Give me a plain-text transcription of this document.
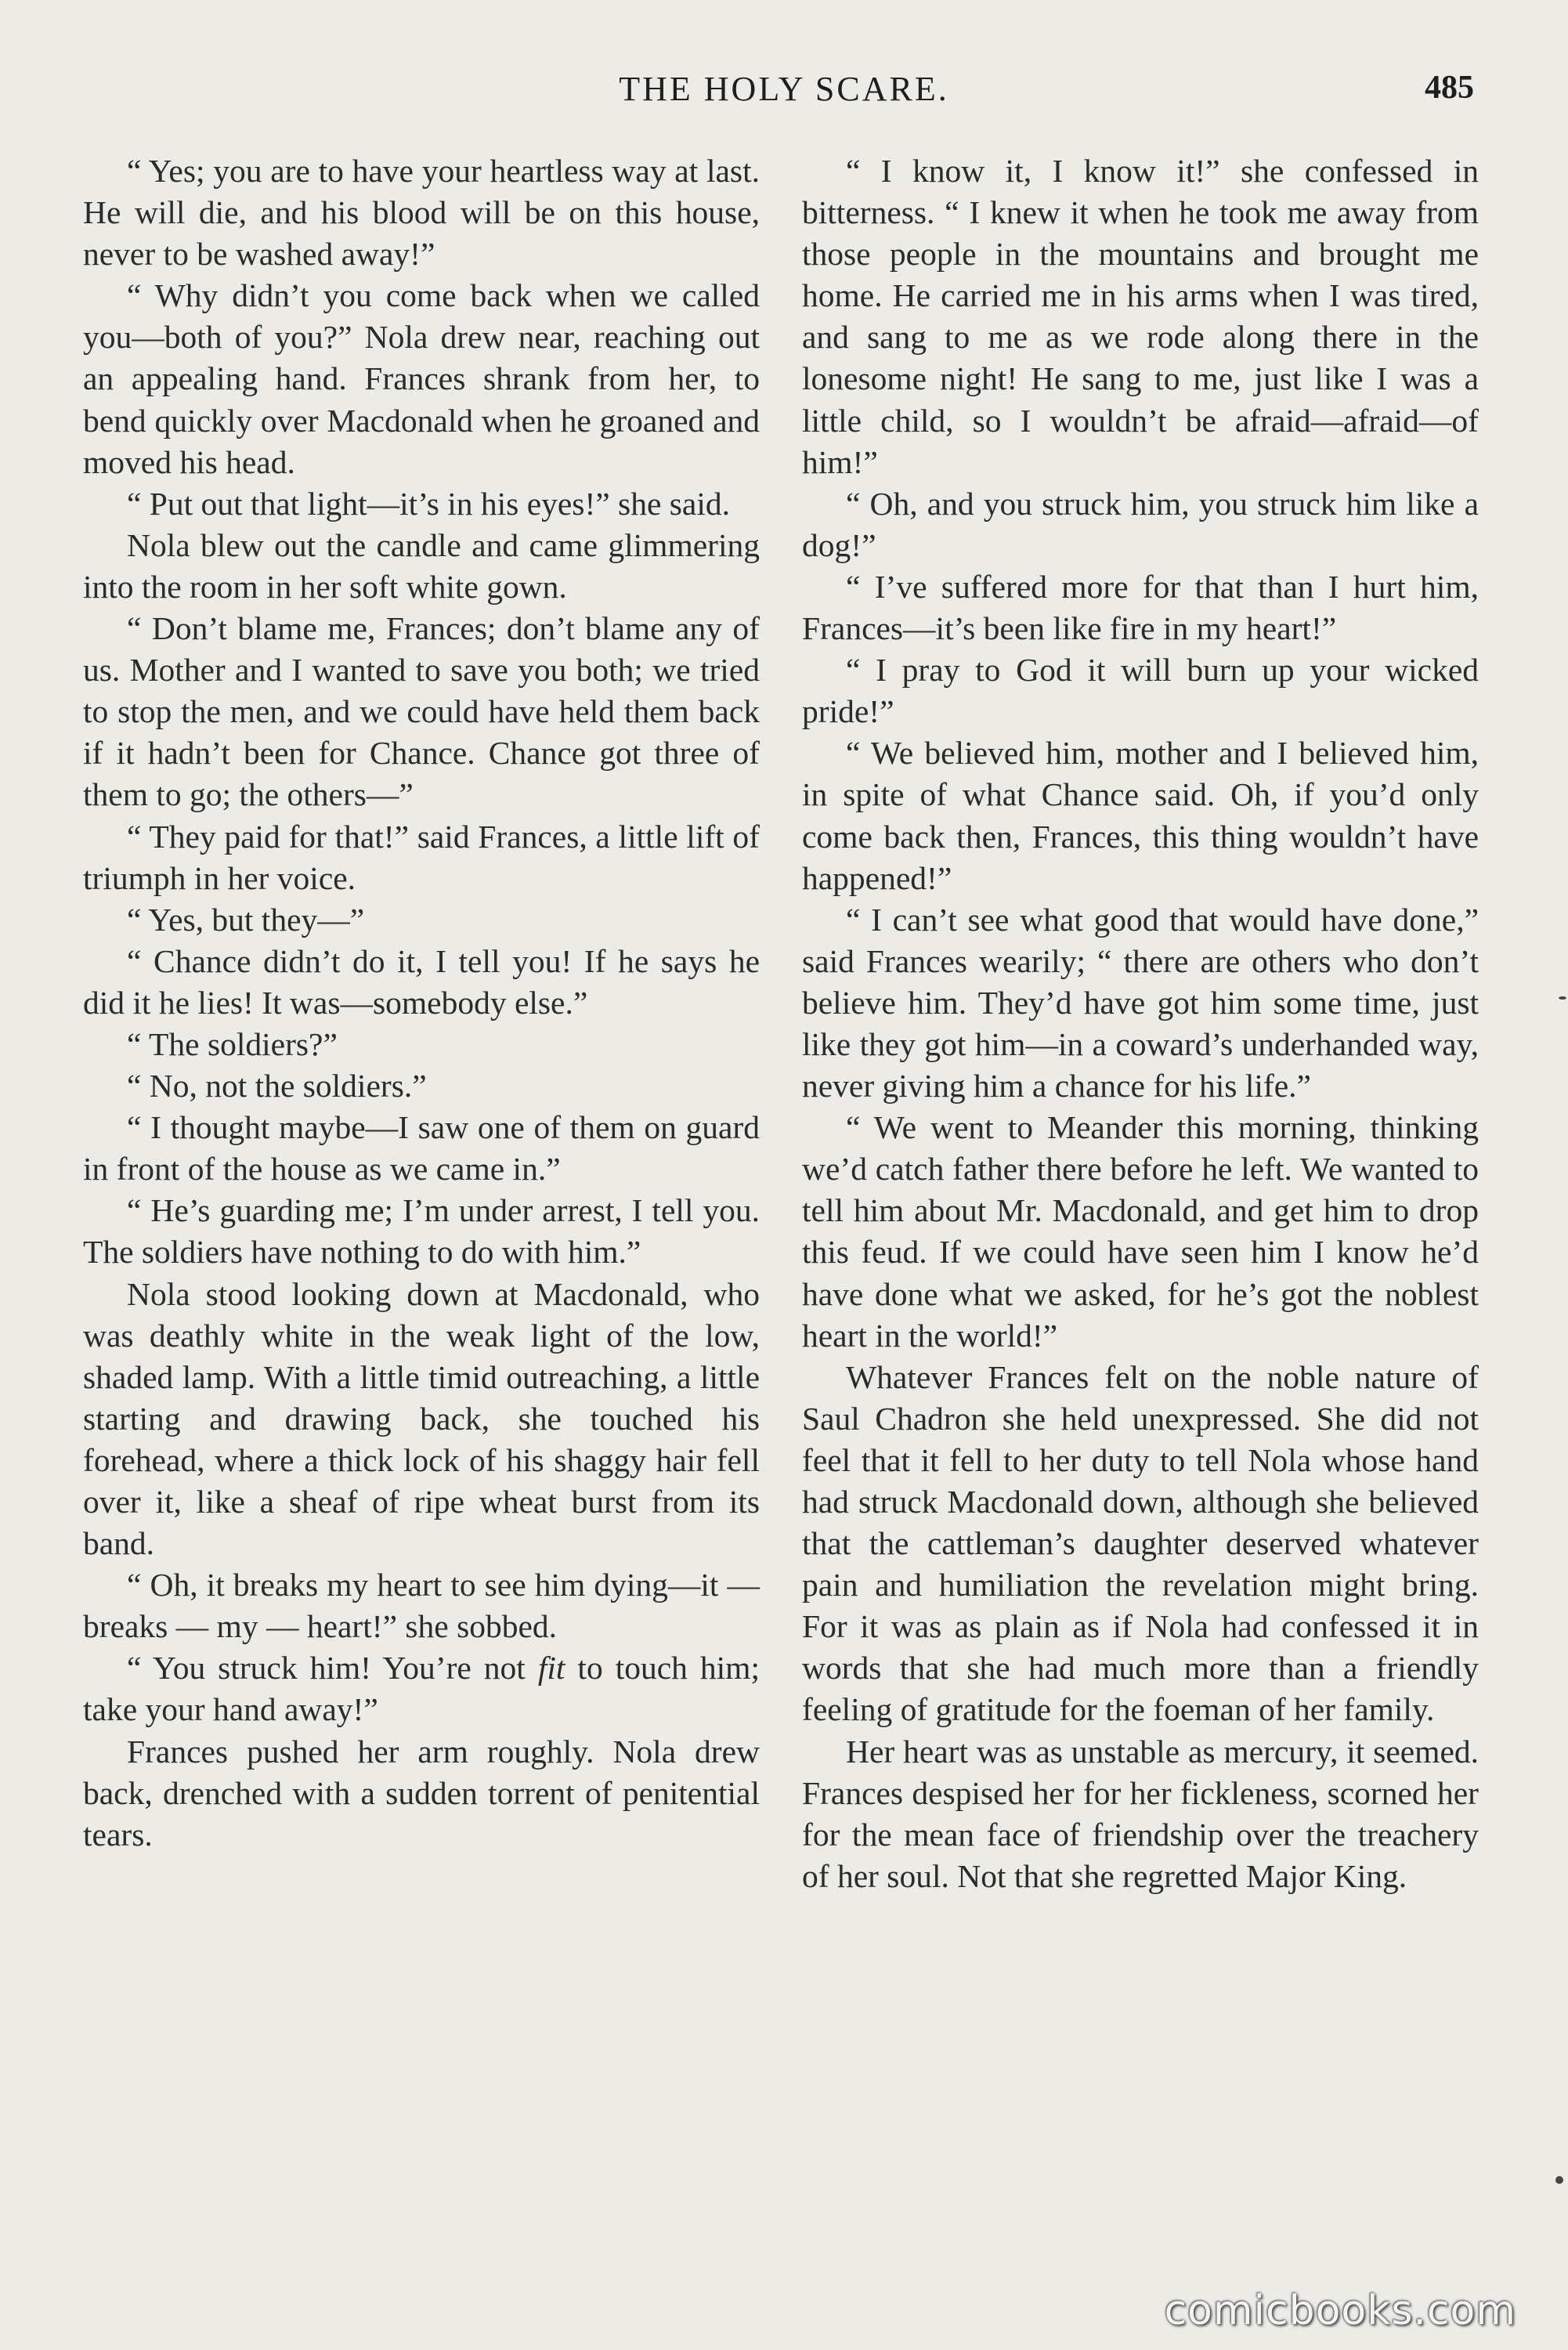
THE HOLY SCARE.	485

“ Yes; you are to have your heartless way at last. He will die, and his blood will be on this house, never to be washed away!”

“ Why didn’t you come back when we called you—both of you?” Nola drew near, reaching out an appealing hand. Frances shrank from her, to bend quickly over Macdonald when he groaned and moved his head.

“ Put out that light—it’s in his eyes!” she said.

Nola blew out the candle and came glimmering into the room in her soft white gown.

“ Don’t blame me, Frances; don’t blame any of us. Mother and I wanted to save you both; we tried to stop the men, and we could have held them back if it hadn’t been for Chance. Chance got three of them to go; the others—”

“ They paid for that!” said Frances, a little lift of triumph in her voice.

“ Yes, but they—”

“ Chance didn’t do it, I tell you! If he says he did it he lies! It was—somebody else.”

“ The soldiers?”

“ No, not the soldiers.”

“ I thought maybe—I saw one of them on guard in front of the house as we came in.”

“ He’s guarding me; I’m under arrest, I tell you. The soldiers have nothing to do with him.”

Nola stood looking down at Macdonald, who was deathly white in the weak light of the low, shaded lamp. With a little timid outreaching, a little starting and drawing back, she touched his forehead, where a thick lock of his shaggy hair fell over it, like a sheaf of ripe wheat burst from its band.

“ Oh, it breaks my heart to see him dying—it — breaks — my — heart!” she sobbed.

“ You struck him! You’re not fit to touch him; take your hand away!”

Frances pushed her arm roughly. Nola drew back, drenched with a sudden torrent of penitential tears.

“ I know it, I know it!” she confessed in bitterness. “ I knew it when he took me away from those people in the mountains and brought me home. He carried me in his arms when I was tired, and sang to me as we rode along there in the lonesome night! He sang to me, just like I was a little child, so I wouldn’t be afraid—afraid—of him!”

“ Oh, and you struck him, you struck him like a dog!”

“ I’ve suffered more for that than I hurt him, Frances—it’s been like fire in my heart!”

“ I pray to God it will burn up your wicked pride!”

“ We believed him, mother and I believed him, in spite of what Chance said. Oh, if you’d only come back then, Frances, this thing wouldn’t have happened!”

“ I can’t see what good that would have done,” said Frances wearily; “ there are others who don’t believe him. They’d have got him some time, just like they got him—in a coward’s underhanded way, never giving him a chance for his life.”

“ We went to Meander this morning, thinking we’d catch father there before he left. We wanted to tell him about Mr. Macdonald, and get him to drop this feud. If we could have seen him I know he’d have done what we asked, for he’s got the noblest heart in the world!”

Whatever Frances felt on the noble nature of Saul Chadron she held unexpressed. She did not feel that it fell to her duty to tell Nola whose hand had struck Macdonald down, although she believed that the cattleman’s daughter deserved whatever pain and humiliation the revelation might bring. For it was as plain as if Nola had confessed it in words that she had much more than a friendly feeling of gratitude for the foeman of her family.

Her heart was as unstable as mercury, it seemed. Frances despised her for her fickleness, scorned her for the mean face of friendship over the treachery of her soul. Not that she regretted Major King.

comicbooks.com
